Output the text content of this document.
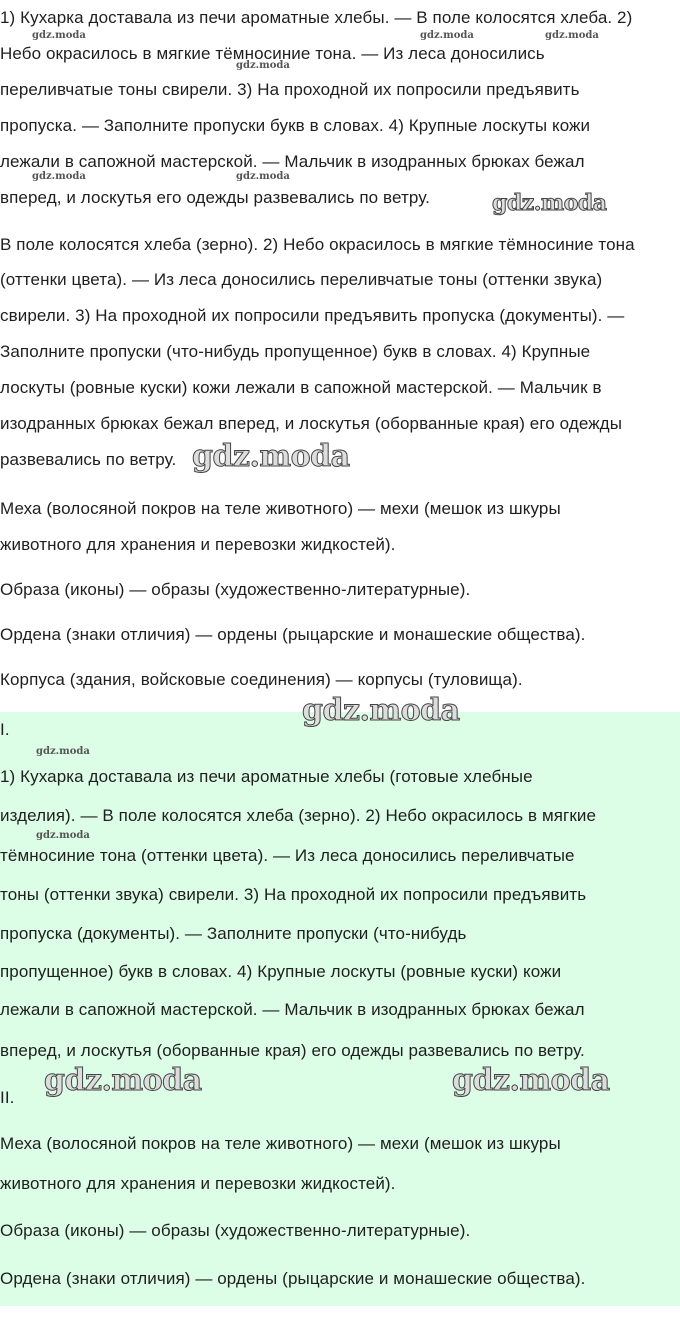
1) Кухарка доставала из печи ароматные хлебы. — В поле колосятся хлеба. 2)
Небо окрасилось в мягкие тёмносиние тона. — Из леса доносились
переливчатые тоны свирели. 3) На проходной их попросили предъявить
пропуска. — Заполните пропуски букв в словах. 4) Крупные лоскуты кожи
лежали в сапожной мастерской. — Мальчик в изодранных брюках бежал
вперед, и лоскутья его одежды развевались по ветру.
В поле колосятся хлеба (зерно). 2) Небо окрасилось в мягкие тёмносиние тона
(оттенки цвета). — Из леса доносились переливчатые тоны (оттенки звука)
свирели. 3) На проходной их попросили предъявить пропуска (документы). —
Заполните пропуски (что-нибудь пропущенное) букв в словах. 4) Крупные
лоскуты (ровные куски) кожи лежали в сапожной мастерской. — Мальчик в
изодранных брюках бежал вперед, и лоскутья (оборванные края) его одежды
развевались по ветру.
Меха (волосяной покров на теле животного) — мехи (мешок из шкуры
животного для хранения и перевозки жидкостей).
Образа (иконы) — образы (художественно-литературные).
Ордена (знаки отличия) — ордены (рыцарские и монашеские общества).
Корпуса (здания, войсковые соединения) — корпусы (туловища).
I.
1) Кухарка доставала из печи ароматные хлебы (готовые хлебные
изделия). — В поле колосятся хлеба (зерно). 2) Небо окрасилось в мягкие
тёмносиние тона (оттенки цвета). — Из леса доносились переливчатые
тоны (оттенки звука) свирели. 3) На проходной их попросили предъявить
пропуска (документы). — Заполните пропуски (что-нибудь
пропущенное) букв в словах. 4) Крупные лоскуты (ровные куски) кожи
лежали в сапожной мастерской. — Мальчик в изодранных брюках бежал
вперед, и лоскутья (оборванные края) его одежды развевались по ветру.
II.
Меха (волосяной покров на теле животного) — мехи (мешок из шкуры
животного для хранения и перевозки жидкостей).
Образа (иконы) — образы (художественно-литературные).
Ордена (знаки отличия) — ордены (рыцарские и монашеские общества).
gdz.moda	gdz.moda	gdz.moda
gdz.moda
gdz.moda	gdz.moda
gdz.moda
gdz.moda
gdz.moda
gdz.moda
gdz.moda
gdz.moda	gdz.moda
